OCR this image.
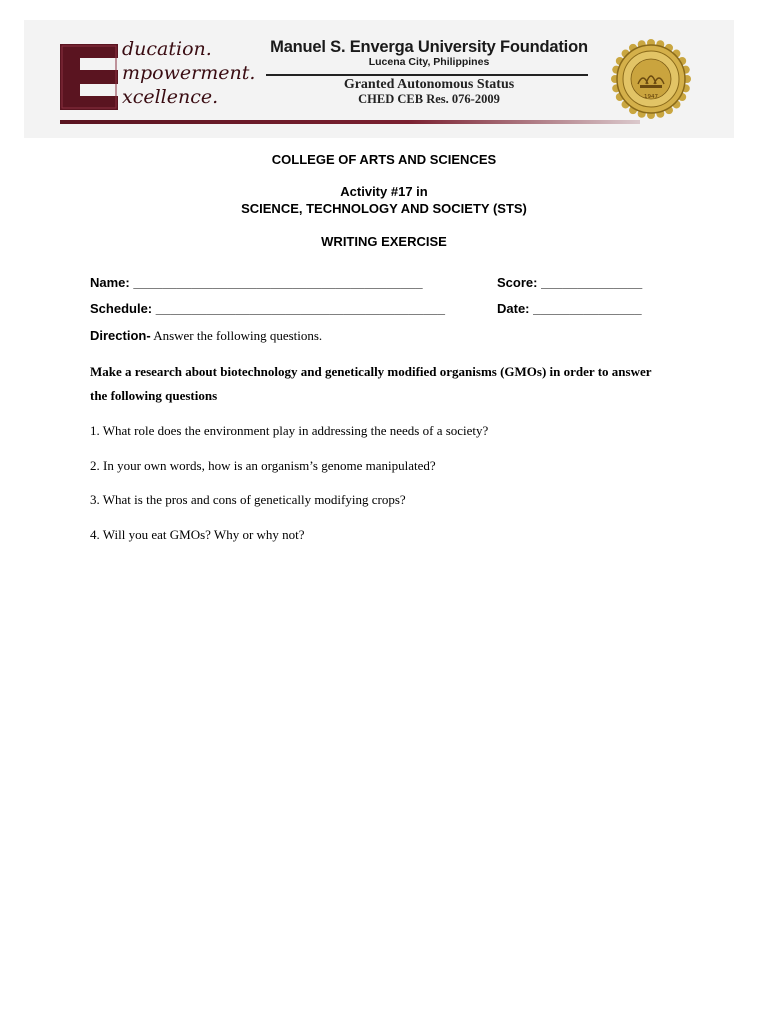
ducation.
mpowerment.
xcellence.
Manuel S. Enverga University Foundation
Lucena City, Philippines
Granted Autonomous Status
CHED CEB Res. 076-2009	1947
COLLEGE OF ARTS AND SCIENCES
Activity #17 in
SCIENCE, TECHNOLOGY AND SOCIETY (STS)
WRITING EXERCISE
Name: ________________________________________	Score: ______________
Schedule: ________________________________________	Date: _______________
Direction- Answer the following questions.
Make a research about biotechnology and genetically modified organisms (GMOs) in order to answer the following questions
1. What role does the environment play in addressing the needs of a society?
2. In your own words, how is an organism’s genome manipulated?
3. What is the pros and cons of genetically modifying crops?
4. Will you eat GMOs? Why or why not?
